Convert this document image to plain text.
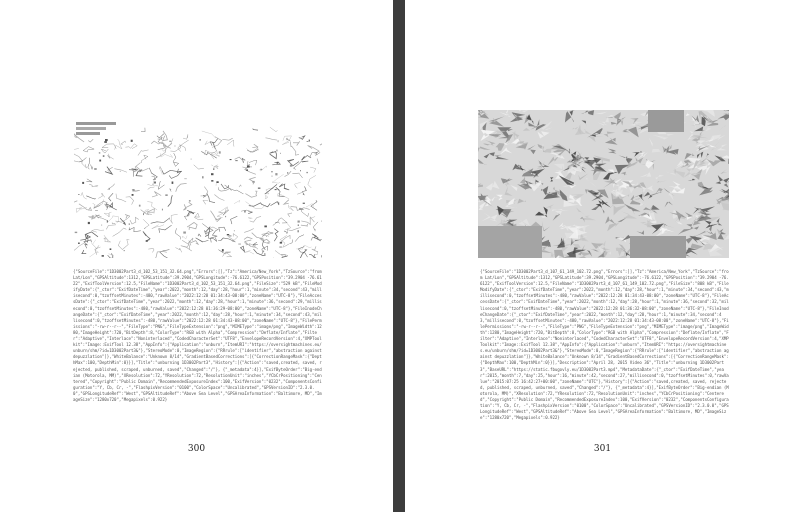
{"SourceFile":"1D3002Part3_d_102_53_151_32.64.png","Errors":[],"Tz":"America/New_York","TzSource":"from Lat/Lon","GPSAltitude":1312,"GPSLatitude":39.2904,"GPSLongitude":-76.6122,"GPSPosition":"39.2904 -76.6122","ExifToolVersion":12.5,"FileName":"1D3002Part3_d_102_53_151_32.64.png","FileSize":"529 kB","FileModifyDate":{"_ctor":"ExifDateTime","year":2022,"month":12,"day":28,"hour":1,"minute":34,"second":43,"millisecond":0,"tzoffsetMinutes":-480,"rawValue":"2022:12:28 01:34:43-08:00","zoneName":"UTC-8"},"FileAccessDate":{"_ctor":"ExifDateTime","year":2022,"month":12,"day":28,"hour":1,"minute":36,"second":29,"millisecond":0,"tzoffsetMinutes":-480,"rawValue":"2022:12:28 01:36:29-08:00","zoneName":"UTC-8"},"FileInodeChangeDate":{"_ctor":"ExifDateTime","year":2022,"month":12,"day":28,"hour":1,"minute":34,"second":43,"millisecond":0,"tzoffsetMinutes":-480,"rawValue":"2022:12:28 01:34:43-08:00","zoneName":"UTC-8"},"FilePermissions":"-rw-r--r--","FileType":"PNG","FileTypeExtension":"png","MIMEType":"image/png","ImageWidth":1280,"ImageHeight":720,"BitDepth":8,"ColorType":"RGB with Alpha","Compression":"Deflate/Inflate","Filter":"Adaptive","Interlace":"Noninterlaced","CodedCharacterSet":"UTF8","EnvelopeRecordVersion":4,"XMPToolkit":"Image::ExifTool 12.38","AppInfo":{"Application":"unburn","ItemURI":"https://oversightmachines.eu/unburn/shm/?id=1D3002Part3&"},"StereoMode":0,"ImageRegion":{"RRrule":["identifier","abstraction against depuzzlation"]},"WhiteBalance":"Unknown 8/14","GradientBasedCorrections":[{"CorrectionRangeMask":{"DepthMax":100,"DepthMin":0}}],"Title":"unburning 1D3002Part3","History":[{"Action":"saved,created, saved, rejected, published, scraped, unburned, saved","Changed":"/"}, {"_metadata":4}],"ExifByteOrder":"Big-endian (Motorola, MM)","XResolution":72,"YResolution":72,"ResolutionUnit":"inches","YCbCrPositioning":"Centered","Copyright":"Public Domain","RecommendedExposureIndex":100,"ExifVersion":"0232","ComponentsConfiguration":"Y, Cb, Cr, -","FlashpixVersion":"0100","ColorSpace":"Uncalibrated","GPSVersionID":"2.3.0.0","GPSLongitudeRef":"West","GPSAltitudeRef":"Above Sea Level","GPSAreaInformation":"Baltimore, MD","ImageSize":"1280x720","Megapixels":0.922}
300
{"SourceFile":"1D3002Part3_d_107_61_149_102.72.png","Errors":[],"Tz":"America/New_York","TzSource":"from Lat/Lon","GPSAltitude":1312,"GPSLatitude":39.2904,"GPSLongitude":-76.6122,"GPSPosition":"39.2904 -76.6122","ExifToolVersion":12.5,"FileName":"1D3002Part3_d_107_61_149_102.72.png","FileSize":"808 kB","FileModifyDate":{"_ctor":"ExifDateTime","year":2022,"month":12,"day":28,"hour":1,"minute":34,"second":43,"millisecond":0,"tzoffsetMinutes":-480,"rawValue":"2022:12:28 01:34:43-08:00","zoneName":"UTC-8"},"FileAccessDate":{"_ctor":"ExifDateTime","year":2022,"month":12,"day":28,"hour":1,"minute":36,"second":32,"millisecond":0,"tzoffsetMinutes":-480,"rawValue":"2022:12:28 01:36:32-08:00","zoneName":"UTC-8"},"FileInodeChangeDate":{"_ctor":"ExifDateTime","year":2022,"month":12,"day":28,"hour":1,"minute":34,"second":43,"millisecond":0,"tzoffsetMinutes":-480,"rawValue":"2022:12:28 01:34:43-08:00","zoneName":"UTC-8"},"FilePermissions":"-rw-r--r--","FileType":"PNG","FileTypeExtension":"png","MIMEType":"image/png","ImageWidth":1280,"ImageHeight":720,"BitDepth":8,"ColorType":"RGB with Alpha","Compression":"Deflate/Inflate","Filter":"Adaptive","Interlace":"Noninterlaced","CodedCharacterSet":"UTF8","EnvelopeRecordVersion":4,"XMPToolkit":"Image::ExifTool 12.38","AppInfo":{"Application":"unburn","ItemURI":"https://oversightmachines.eu/unburn/shm/?id=1D3002Part3&"},"StereoMode":0,"ImageRegion":{"RRrule":["identifier","abstraction against depuzzlation"]},"WhiteBalance":"Unknown 8/14","GradientBasedCorrections":[{"CorrectionRangeMask":{"DepthMax":100,"DepthMin":0}}],"Description":"April 28, 2015 Video 36","Title":"unburning 1D3002Part3","BaseURL":"https://static.fbugovly.eu/1D3002Part3.mp4","MetadataDate":{"_ctor":"ExifDateTime","year":2015,"month":7,"day":25,"hour":16,"minute":42,"second":27,"millisecond":0,"tzoffsetMinutes":0,"rawValue":"2015:07:25 16:42:27+00:00","zoneName":"UTC"},"History":[{"Action":"saved,created, saved, rejected, published, scraped, unburned, saved","Changed":"/"}, {"_metadata":4}],"ExifByteOrder":"Big-endian (Motorola, MM)","XResolution":72,"YResolution":72,"ResolutionUnit":"inches","YCbCrPositioning":"Centered","Copyright":"Public Domain","RecommendedExposureIndex":100,"ExifVersion":"0232","ComponentsConfiguration":"Y, Cb, Cr, -","FlashpixVersion":"0100","ColorSpace":"Uncalibrated","GPSVersionID":"2.3.0.0","GPSLongitudeRef":"West","GPSAltitudeRef":"Above Sea Level","GPSAreaInformation":"Baltimore, MD","ImageSize":"1280x720","Megapixels":0.922}
301
